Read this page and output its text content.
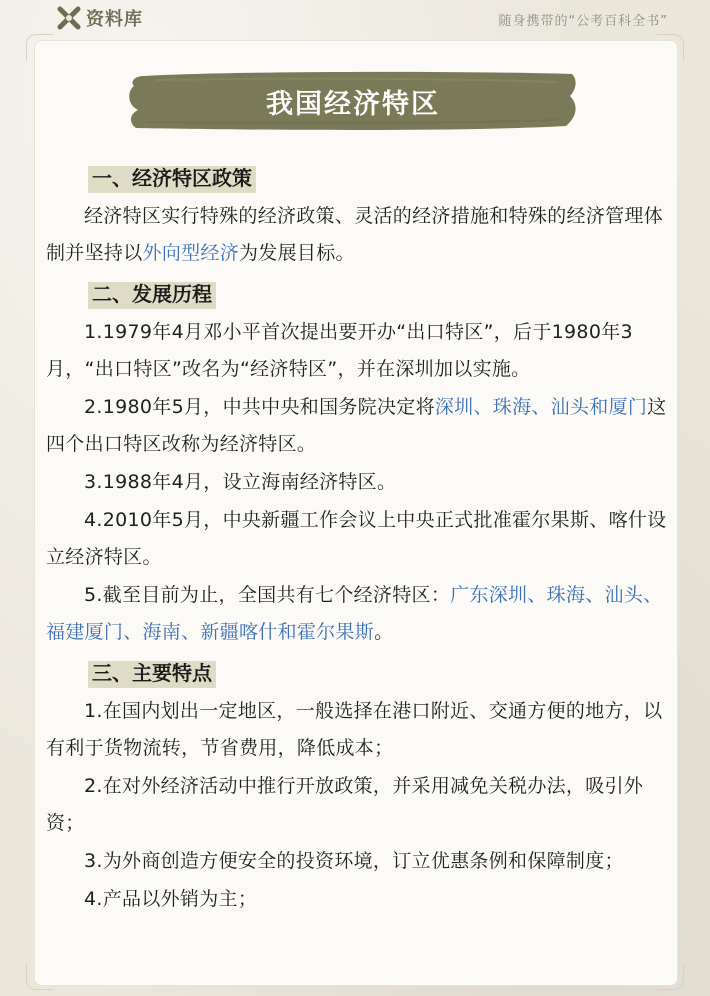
资料库	随身携带的“公考百科全书”
我国经济特区
一、经济特区政策

经济特区实行特殊的经济政策、灵活的经济措施和特殊的经济管理体制并坚持以外向型经济为发展目标。

二、发展历程

1.1979年4月邓小平首次提出要开办“出口特区”，后于1980年3月，“出口特区”改名为“经济特区”，并在深圳加以实施。

2.1980年5月，中共中央和国务院决定将深圳、珠海、汕头和厦门这四个出口特区改称为经济特区。

3.1988年4月，设立海南经济特区。

4.2010年5月，中央新疆工作会议上中央正式批准霍尔果斯、喀什设立经济特区。

5.截至目前为止，全国共有七个经济特区：广东深圳、珠海、汕头、福建厦门、海南、新疆喀什和霍尔果斯。

三、主要特点

1.在国内划出一定地区，一般选择在港口附近、交通方便的地方，以有利于货物流转，节省费用，降低成本；

2.在对外经济活动中推行开放政策，并采用减免关税办法，吸引外资；

3.为外商创造方便安全的投资环境，订立优惠条例和保障制度；

4.产品以外销为主；
